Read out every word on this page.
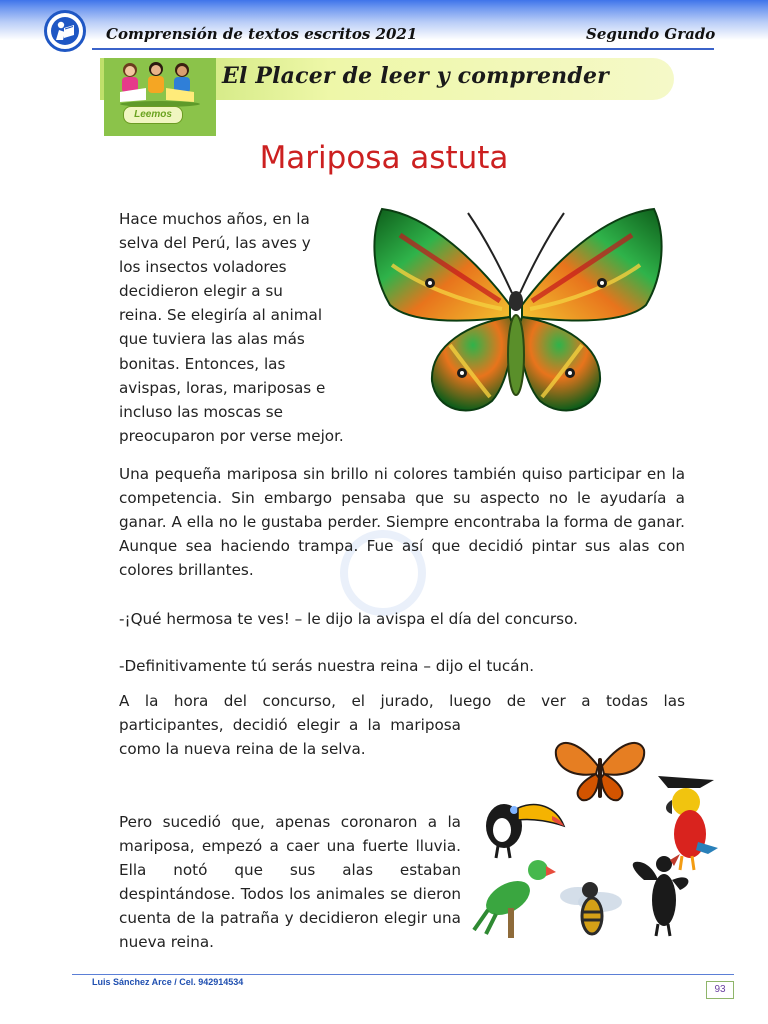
Comprensión de textos escritos 2021	Segundo Grado
Leemos
El Placer de leer y comprender
Mariposa astuta
Hace muchos años, en la
selva del Perú, las aves y
los insectos voladores
decidieron elegir a su
reina. Se elegiría al animal
que tuviera las alas más
bonitas. Entonces, las
avispas, loras, mariposas e
incluso las moscas se
preocuparon por verse mejor.
Una pequeña mariposa sin brillo ni colores también quiso participar en la competencia. Sin embargo pensaba que su aspecto no le ayudaría a ganar. A ella no le gustaba perder. Siempre encontraba la forma de ganar. Aunque sea haciendo trampa. Fue así que decidió pintar sus alas con colores brillantes.
-¡Qué hermosa te ves! – le dijo la avispa el día del concurso.
-Definitivamente tú serás nuestra reina – dijo el tucán.
A la hora del concurso, el jurado, luego de ver a todas las
participantes, decidió elegir a la mariposa como la nueva reina de la selva.
Pero sucedió que, apenas coronaron a la mariposa, empezó a caer una fuerte lluvia. Ella notó que sus alas estaban despintándose. Todos los animales se dieron cuenta de la patraña y decidieron elegir una nueva reina.
Luis Sánchez Arce / Cel. 942914534
93
